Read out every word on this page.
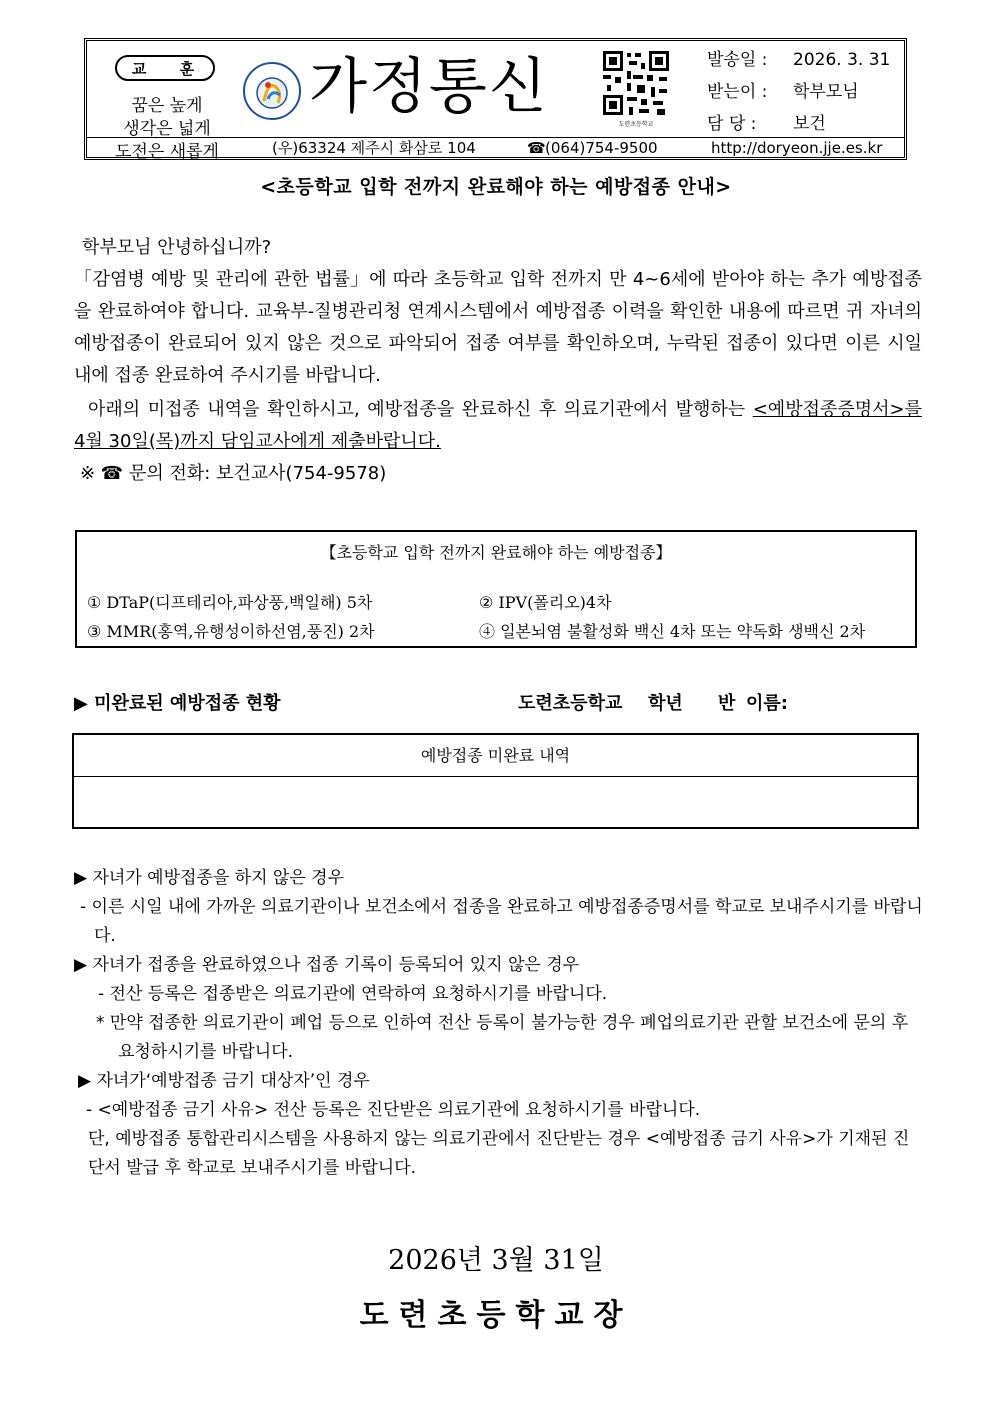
교 훈
꿈은 높게
생각은 넓게
도전은 새롭게
가정통신
도련초등학교
발송일 : 2026. 3. 31
받는이 : 학부모님
담 당 : 보건
(우)63324 제주시 화삼로 104	☎ (064)754-9500	http://doryeon.jje.es.kr
<초등학교 입학 전까지 완료해야 하는 예방접종 안내>
학부모님 안녕하십니까?
「감염병 예방 및 관리에 관한 법률」에 따라 초등학교 입학 전까지 만 4~6세에 받아야 하는 추가 예방접종을 완료하여야 합니다. 교육부-질병관리청 연계시스템에서 예방접종 이력을 확인한 내용에 따르면 귀 자녀의 예방접종이 완료되어 있지 않은 것으로 파악되어 접종 여부를 확인하오며, 누락된 접종이 있다면 이른 시일 내에 접종 완료하여 주시기를 바랍니다.
아래의 미접종 내역을 확인하시고, 예방접종을 완료하신 후 의료기관에서 발행하는 <예방접종증명서>를 4월 30일(목)까지 담임교사에게 제출바랍니다.
※ ☎ 문의 전화: 보건교사(754-9578)
【초등학교 입학 전까지 완료해야 하는 예방접종】
① DTaP(디프테리아,파상풍,백일해) 5차	② IPV(폴리오)4차
③ MMR(홍역,유행성이하선염,풍진) 2차	④ 일본뇌염 불활성화 백신 4차 또는 약독화 생백신 2차
▶ 미완료된 예방접종 현황	도련초등학교 학년 반 이름:
예방접종 미완료 내역
▶ 자녀가 예방접종을 하지 않은 경우
- 이른 시일 내에 가까운 의료기관이나 보건소에서 접종을 완료하고 예방접종증명서를 학교로 보내주시기를 바랍니다.
▶ 자녀가 접종을 완료하였으나 접종 기록이 등록되어 있지 않은 경우
- 전산 등록은 접종받은 의료기관에 연락하여 요청하시기를 바랍니다.
* 만약 접종한 의료기관이 폐업 등으로 인하여 전산 등록이 불가능한 경우 폐업의료기관 관할 보건소에 문의 후 요청하시기를 바랍니다.
▶ 자녀가‘예방접종 금기 대상자’인 경우
- <예방접종 금기 사유> 전산 등록은 진단받은 의료기관에 요청하시기를 바랍니다.
단, 예방접종 통합관리시스템을 사용하지 않는 의료기관에서 진단받는 경우 <예방접종 금기 사유>가 기재된 진단서 발급 후 학교로 보내주시기를 바랍니다.
2026년 3월 31일
도련초등학교장
